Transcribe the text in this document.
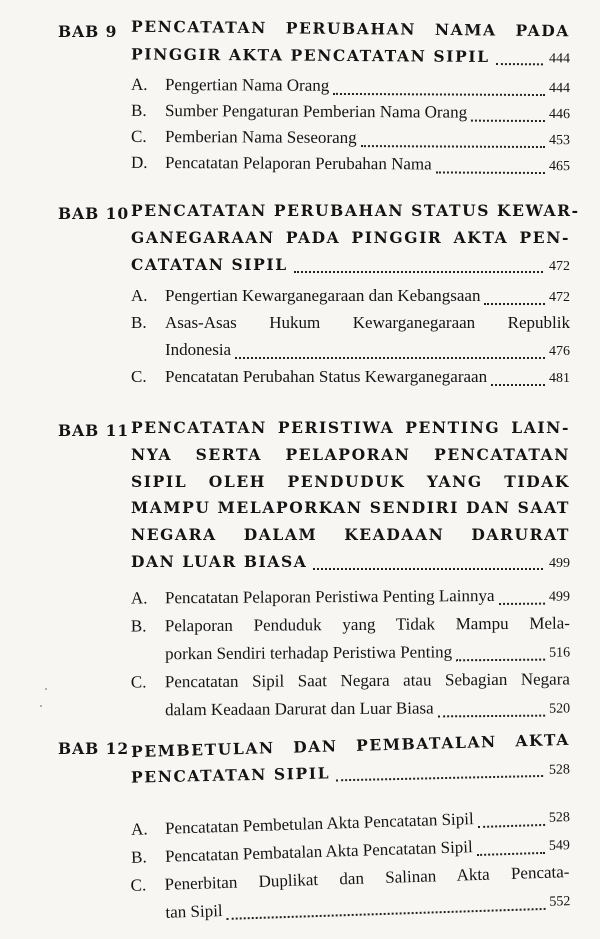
BAB 9 PENCATATAN PERUBAHAN NAMA PADA
PINGGIR AKTA PENCATATAN SIPIL	444
A. Pengertian Nama Orang	444
B. Sumber Pengaturan Pemberian Nama Orang	446
C. Pemberian Nama Seseorang	453
D. Pencatatan Pelaporan Perubahan Nama	465
BAB 10 PENCATATAN PERUBAHAN STATUS KEWAR-
GANEGARAAN PADA PINGGIR AKTA PEN-
CATATAN SIPIL	472
A. Pengertian Kewarganegaraan dan Kebangsaan	472
B. Asas-Asas Hukum Kewarganegaraan Republik
Indonesia	476
C. Pencatatan Perubahan Status Kewarganegaraan	481
BAB 11 PENCATATAN PERISTIWA PENTING LAIN-
NYA SERTA PELAPORAN PENCATATAN
SIPIL OLEH PENDUDUK YANG TIDAK
MAMPU MELAPORKAN SENDIRI DAN SAAT
NEGARA DALAM KEADAAN DARURAT
DAN LUAR BIASA	499
A. Pencatatan Pelaporan Peristiwa Penting Lainnya	499
B. Pelaporan Penduduk yang Tidak Mampu Mela-
porkan Sendiri terhadap Peristiwa Penting	516
C. Pencatatan Sipil Saat Negara atau Sebagian Negara
dalam Keadaan Darurat dan Luar Biasa	520
BAB 12 PEMBETULAN DAN PEMBATALAN AKTA
PENCATATAN SIPIL	528
A. Pencatatan Pembetulan Akta Pencatatan Sipil	528
B. Pencatatan Pembatalan Akta Pencatatan Sipil	549
C. Penerbitan Duplikat dan Salinan Akta Pencata-
tan Sipil	552
